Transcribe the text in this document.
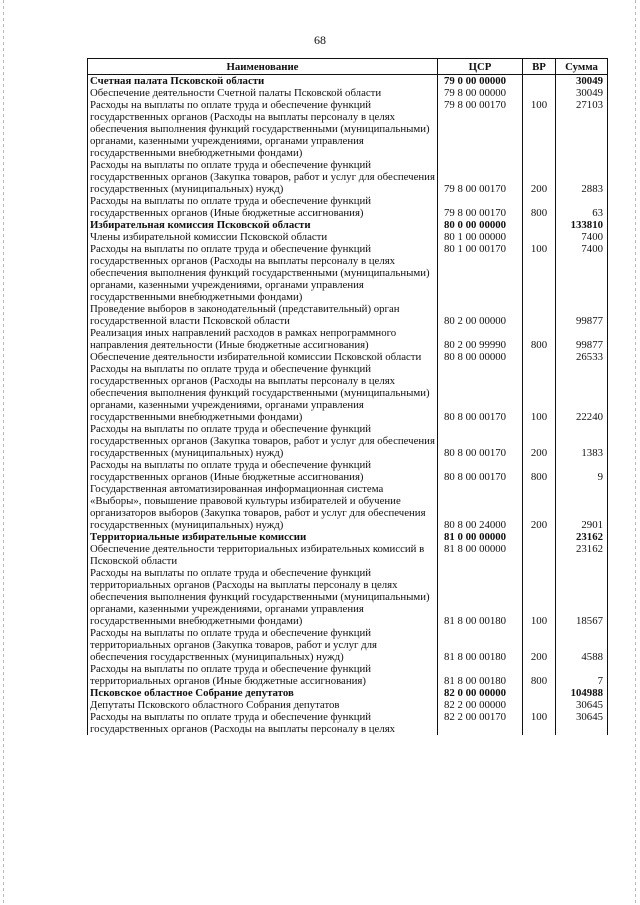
68
Наименование	ЦСР	ВР	Сумма
Счетная палата Псковской области	79 0 00 00000		30049
Обеспечение деятельности Счетной палаты Псковской области	79 8 00 00000		30049
Расходы на выплаты по оплате труда и обеспечение функций государственных органов (Расходы на выплаты персоналу в целях обеспечения выполнения функций государственными (муниципальными) органами, казенными учреждениями, органами управления государственными внебюджетными фондами)	79 8 00 00170	100	27103
Расходы на выплаты по оплате труда и обеспечение функций государственных органов (Закупка товаров, работ и услуг для обеспечения государственных (муниципальных) нужд)	79 8 00 00170	200	2883
Расходы на выплаты по оплате труда и обеспечение функций государственных органов (Иные бюджетные ассигнования)	79 8 00 00170	800	63
Избирательная комиссия Псковской области	80 0 00 00000		133810
Члены избирательной комиссии Псковской области	80 1 00 00000		7400
Расходы на выплаты по оплате труда и обеспечение функций государственных органов (Расходы на выплаты персоналу в целях обеспечения выполнения функций государственными (муниципальными) органами, казенными учреждениями, органами управления государственными внебюджетными фондами)	80 1 00 00170	100	7400
Проведение выборов в законодательный (представительный) орган государственной власти Псковской области	80 2 00 00000		99877
Реализация иных направлений расходов в рамках непрограммного направления деятельности (Иные бюджетные ассигнования)	80 2 00 99990	800	99877
Обеспечение деятельности избирательной комиссии Псковской области	80 8 00 00000		26533
Расходы на выплаты по оплате труда и обеспечение функций государственных органов (Расходы на выплаты персоналу в целях обеспечения выполнения функций государственными (муниципальными) органами, казенными учреждениями, органами управления государственными внебюджетными фондами)	80 8 00 00170	100	22240
Расходы на выплаты по оплате труда и обеспечение функций государственных органов (Закупка товаров, работ и услуг для обеспечения государственных (муниципальных) нужд)	80 8 00 00170	200	1383
Расходы на выплаты по оплате труда и обеспечение функций государственных органов (Иные бюджетные ассигнования)	80 8 00 00170	800	9
Государственная автоматизированная информационная система «Выборы», повышение правовой культуры избирателей и обучение организаторов выборов (Закупка товаров, работ и услуг для обеспечения государственных (муниципальных) нужд)	80 8 00 24000	200	2901
Территориальные избирательные комиссии	81 0 00 00000		23162
Обеспечение деятельности территориальных избирательных комиссий в Псковской области	81 8 00 00000		23162
Расходы на выплаты по оплате труда и обеспечение функций территориальных органов (Расходы на выплаты персоналу в целях обеспечения выполнения функций государственными (муниципальными) органами, казенными учреждениями, органами управления государственными внебюджетными фондами)	81 8 00 00180	100	18567
Расходы на выплаты по оплате труда и обеспечение функций территориальных органов (Закупка товаров, работ и услуг для обеспечения государственных (муниципальных) нужд)	81 8 00 00180	200	4588
Расходы на выплаты по оплате труда и обеспечение функций территориальных органов (Иные бюджетные ассигнования)	81 8 00 00180	800	7
Псковское областное Собрание депутатов	82 0 00 00000		104988
Депутаты Псковского областного Собрания депутатов	82 2 00 00000		30645
Расходы на выплаты по оплате труда и обеспечение функций государственных органов (Расходы на выплаты персоналу в целях	82 2 00 00170	100	30645
